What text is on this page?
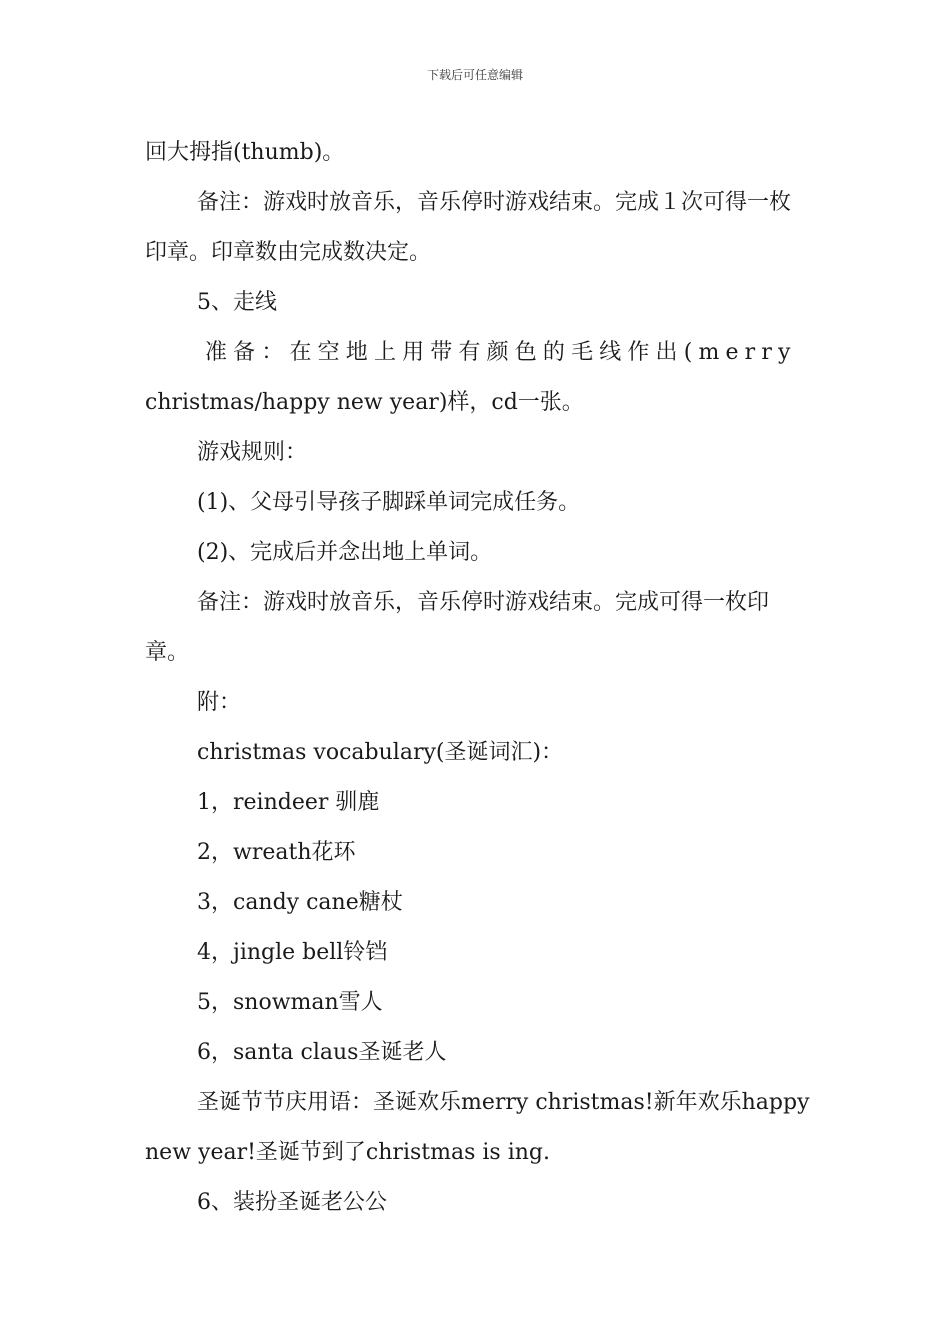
下载后可任意编辑

回大拇指(thumb)。

备注：游戏时放音乐，音乐停时游戏结束。完成１次可得一枚印章。印章数由完成数决定。

5、走线

准备：在空地上用带有颜色的毛线作出(merry

christmas/happy new year)样，cd一张。

游戏规则：

(1)、父母引导孩子脚踩单词完成任务。

(2)、完成后并念出地上单词。

备注：游戏时放音乐，音乐停时游戏结束。完成可得一枚印章。

附：

christmas vocabulary(圣诞词汇)：

1，reindeer 驯鹿

2，wreath花环

3，candy cane糖杖

4，jingle bell铃铛

5，snowman雪人

6，santa claus圣诞老人

圣诞节节庆用语：圣诞欢乐merry christmas!新年欢乐happy new year!圣诞节到了christmas is ing.

6、装扮圣诞老公公
